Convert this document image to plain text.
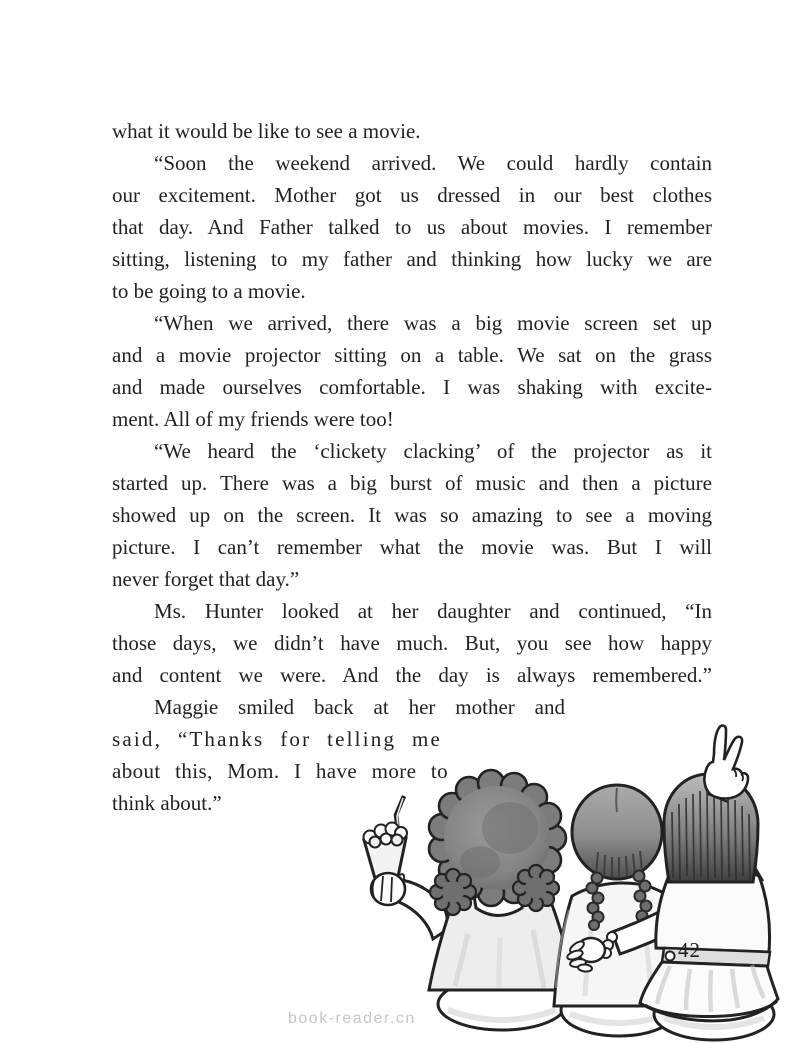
what it would be like to see a movie.
“Soon the weekend arrived. We could hardly contain
our excitement. Mother got us dressed in our best clothes
that day. And Father talked to us about movies. I remember
sitting, listening to my father and thinking how lucky we are
to be going to a movie.
“When we arrived, there was a big movie screen set up
and a movie projector sitting on a table. We sat on the grass
and made ourselves comfortable. I was shaking with excite-
ment. All of my friends were too!
“We heard the ‘clickety clacking’ of the projector as it
started up. There was a big burst of music and then a picture
showed up on the screen. It was so amazing to see a moving
picture. I can’t remember what the movie was. But I will
never forget that day.”
Ms. Hunter looked at her daughter and continued, “In
those days, we didn’t have much. But, you see how happy
and content we were. And the day is always remembered.”
Maggie smiled back at her mother and
said, “Thanks for telling me
about this, Mom. I have more to
think about.”
42
book-reader.cn
